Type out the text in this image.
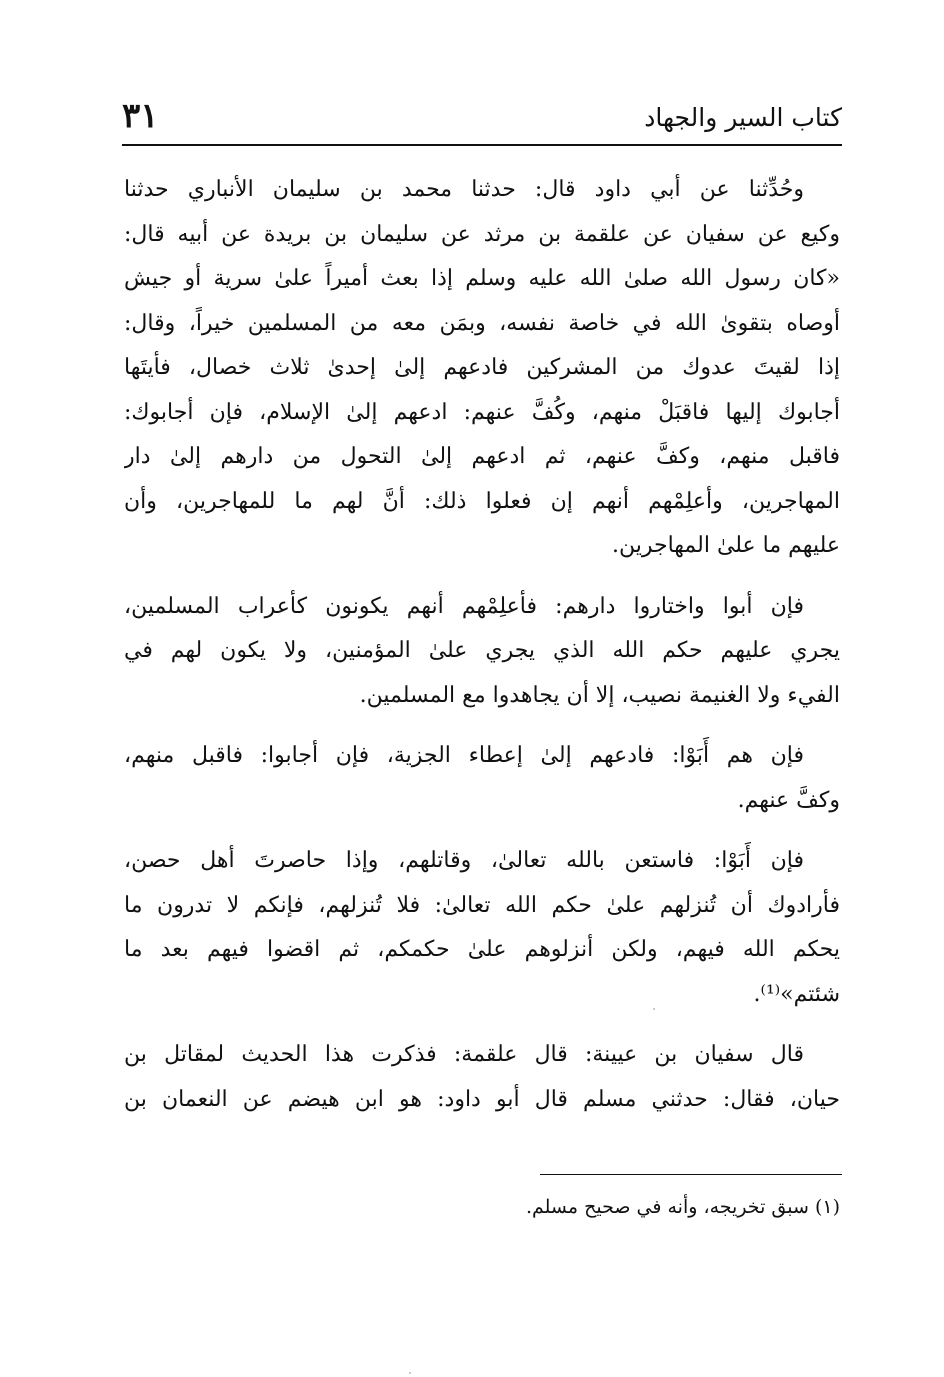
كتاب السير والجهاد
٣١
وحُدِّثنا عن أبي داود قال: حدثنا محمد بن سليمان الأنباري حدثنا
وكيع عن سفيان عن علقمة بن مرثد عن سليمان بن بريدة عن أبيه قال:
«كان رسول الله صلىٰ الله عليه وسلم إذا بعث أميراً علىٰ سرية أو جيش
أوصاه بتقوىٰ الله في خاصة نفسه، وبمَن معه من المسلمين خيراً، وقال:
إذا لقيتَ عدوك من المشركين فادعهم إلىٰ إحدىٰ ثلاث خصال، فأيتَها
أجابوك إليها فاقبَلْ منهم، وكُفَّ عنهم: ادعهم إلىٰ الإسلام، فإن أجابوك:
فاقبل منهم، وكفَّ عنهم، ثم ادعهم إلىٰ التحول من دارهم إلىٰ دار
المهاجرين، وأعلِمْهم أنهم إن فعلوا ذلك: أنَّ لهم ما للمهاجرين، وأن
عليهم ما علىٰ المهاجرين.
فإن أبوا واختاروا دارهم: فأعلِمْهم أنهم يكونون كأعراب المسلمين،
يجري عليهم حكم الله الذي يجري علىٰ المؤمنين، ولا يكون لهم في
الفيء ولا الغنيمة نصيب، إلا أن يجاهدوا مع المسلمين.
فإن هم أَبَوْا: فادعهم إلىٰ إعطاء الجزية، فإن أجابوا: فاقبل منهم،
وكفَّ عنهم.
فإن أَبَوْا: فاستعن بالله تعالىٰ، وقاتلهم، وإذا حاصرتَ أهل حصن،
فأرادوك أن تُنزلهم علىٰ حكم الله تعالىٰ: فلا تُنزلهم، فإنكم لا تدرون ما
يحكم الله فيهم، ولكن أنزلوهم علىٰ حكمكم، ثم اقضوا فيهم بعد ما
شئتم»⁽¹⁾.
قال سفيان بن عيينة: قال علقمة: فذكرت هذا الحديث لمقاتل بن
حيان، فقال: حدثني مسلم قال أبو داود: هو ابن هيضم عن النعمان بن
(١) سبق تخريجه، وأنه في صحيح مسلم.
